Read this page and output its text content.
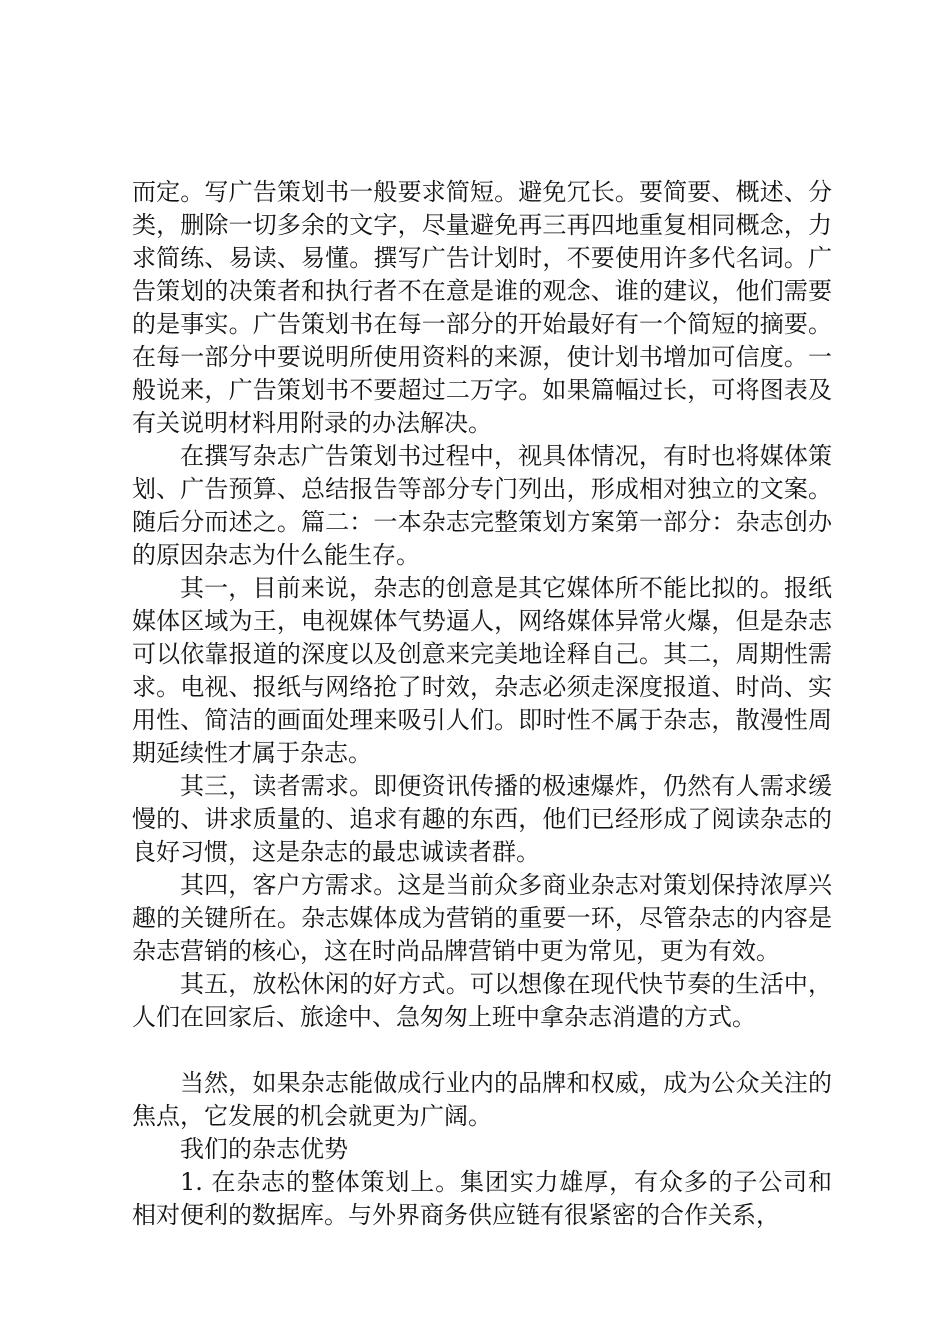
而定。写广告策划书一般要求简短。避免冗长。要简要、概述、分类，删除一切多余的文字，尽量避免再三再四地重复相同概念，力求简练、易读、易懂。撰写广告计划时，不要使用许多代名词。广告策划的决策者和执行者不在意是谁的观念、谁的建议，他们需要的是事实。广告策划书在每一部分的开始最好有一个简短的摘要。在每一部分中要说明所使用资料的来源，使计划书增加可信度。一般说来，广告策划书不要超过二万字。如果篇幅过长，可将图表及有关说明材料用附录的办法解决。

在撰写杂志广告策划书过程中，视具体情况，有时也将媒体策划、广告预算、总结报告等部分专门列出，形成相对独立的文案。随后分而述之。篇二：一本杂志完整策划方案第一部分：杂志创办的原因杂志为什么能生存。

其一，目前来说，杂志的创意是其它媒体所不能比拟的。报纸媒体区域为王，电视媒体气势逼人，网络媒体异常火爆，但是杂志可以依靠报道的深度以及创意来完美地诠释自己。其二，周期性需求。电视、报纸与网络抢了时效，杂志必须走深度报道、时尚、实用性、简洁的画面处理来吸引人们。即时性不属于杂志，散漫性周期延续性才属于杂志。

其三，读者需求。即便资讯传播的极速爆炸，仍然有人需求缓慢的、讲求质量的、追求有趣的东西，他们已经形成了阅读杂志的良好习惯，这是杂志的最忠诚读者群。

其四，客户方需求。这是当前众多商业杂志对策划保持浓厚兴趣的关键所在。杂志媒体成为营销的重要一环，尽管杂志的内容是杂志营销的核心，这在时尚品牌营销中更为常见，更为有效。

其五，放松休闲的好方式。可以想像在现代快节奏的生活中，人们在回家后、旅途中、急匆匆上班中拿杂志消遣的方式。

当然，如果杂志能做成行业内的品牌和权威，成为公众关注的焦点，它发展的机会就更为广阔。

我们的杂志优势

1. 在杂志的整体策划上。集团实力雄厚，有众多的子公司和相对便利的数据库。与外界商务供应链有很紧密的合作关系，
